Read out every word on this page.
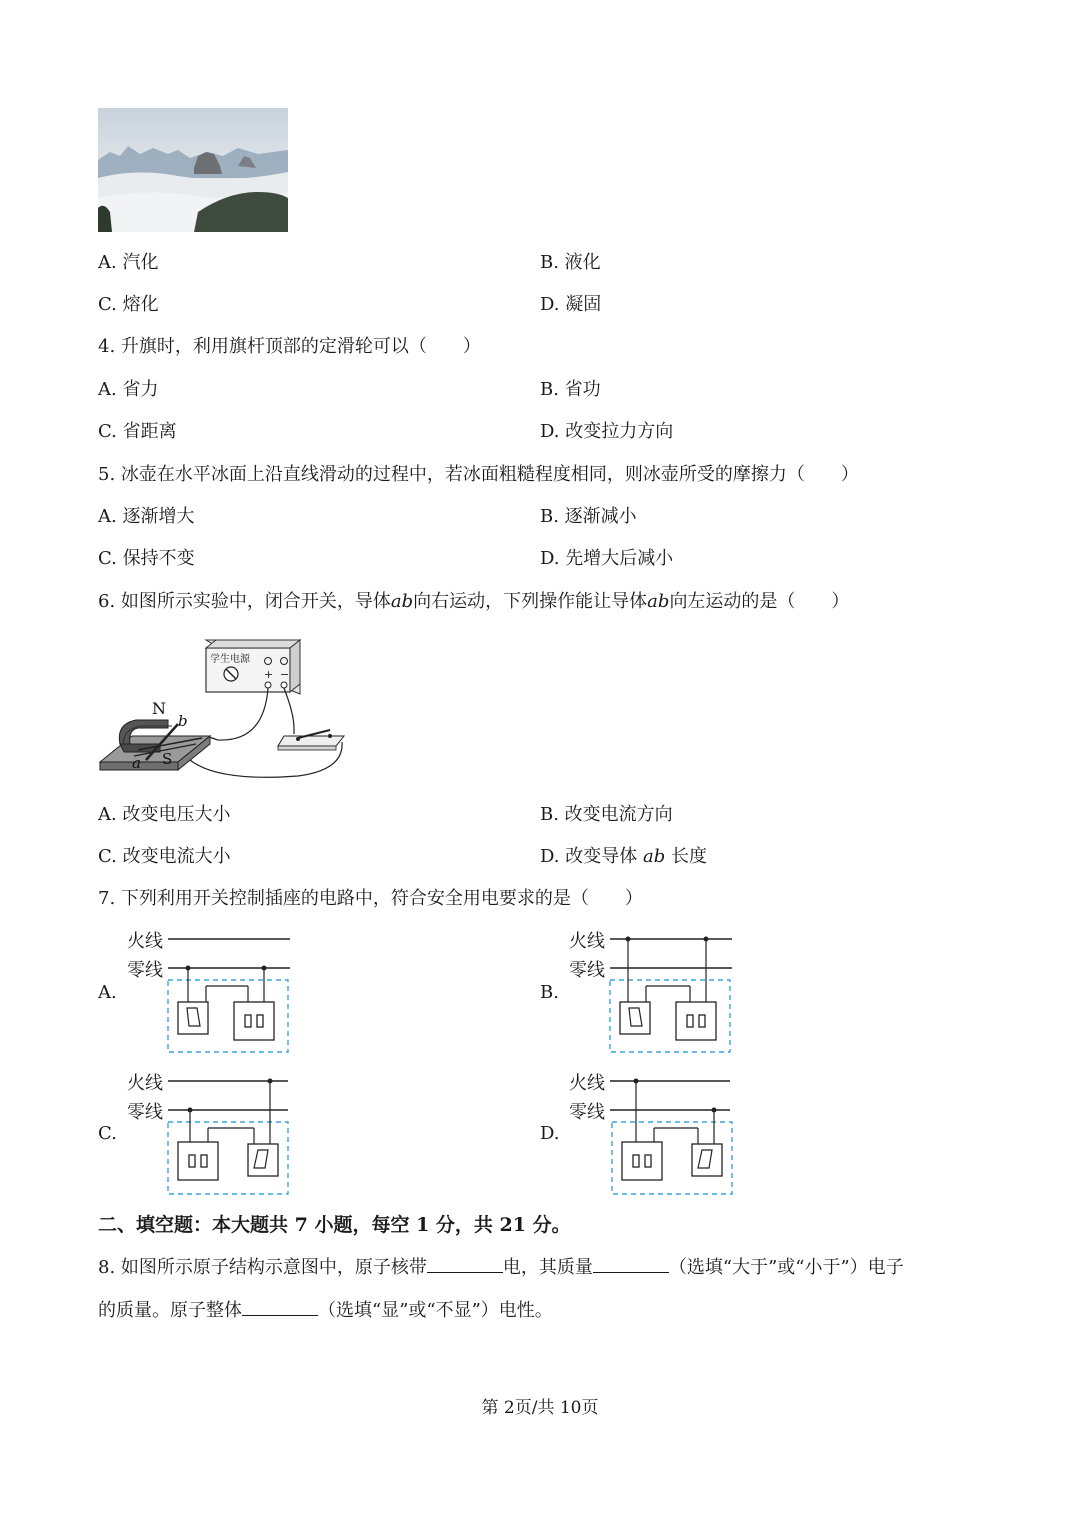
A. 汽化	B. 液化
C. 熔化	D. 凝固
4. 升旗时，利用旗杆顶部的定滑轮可以（　　）
A. 省力	B. 省功
C. 省距离	D. 改变拉力方向
5. 冰壶在水平冰面上沿直线滑动的过程中，若冰面粗糙程度相同，则冰壶所受的摩擦力（　　）
A. 逐渐增大	B. 逐渐减小
C. 保持不变	D. 先增大后减小
6. 如图所示实验中，闭合开关，导体ab向右运动，下列操作能让导体ab向左运动的是（　　）
学生电源
+ −
N
S
a
b
A. 改变电压大小	B. 改变电流方向
C. 改变电流大小	D. 改变导体 ab 长度
7. 下列利用开关控制插座的电路中，符合安全用电要求的是（　　）
A.
火线
零线
B.
火线
零线
C.
火线
零线
D.
火线
零线
二、填空题：本大题共 7 小题，每空 1 分，共 21 分。
8. 如图所示原子结构示意图中，原子核带	电，其质量	（选填“大于”或“小于”）电子
的质量。原子整体	（选填“显”或“不显”）电性。
第 2页/共 10页
